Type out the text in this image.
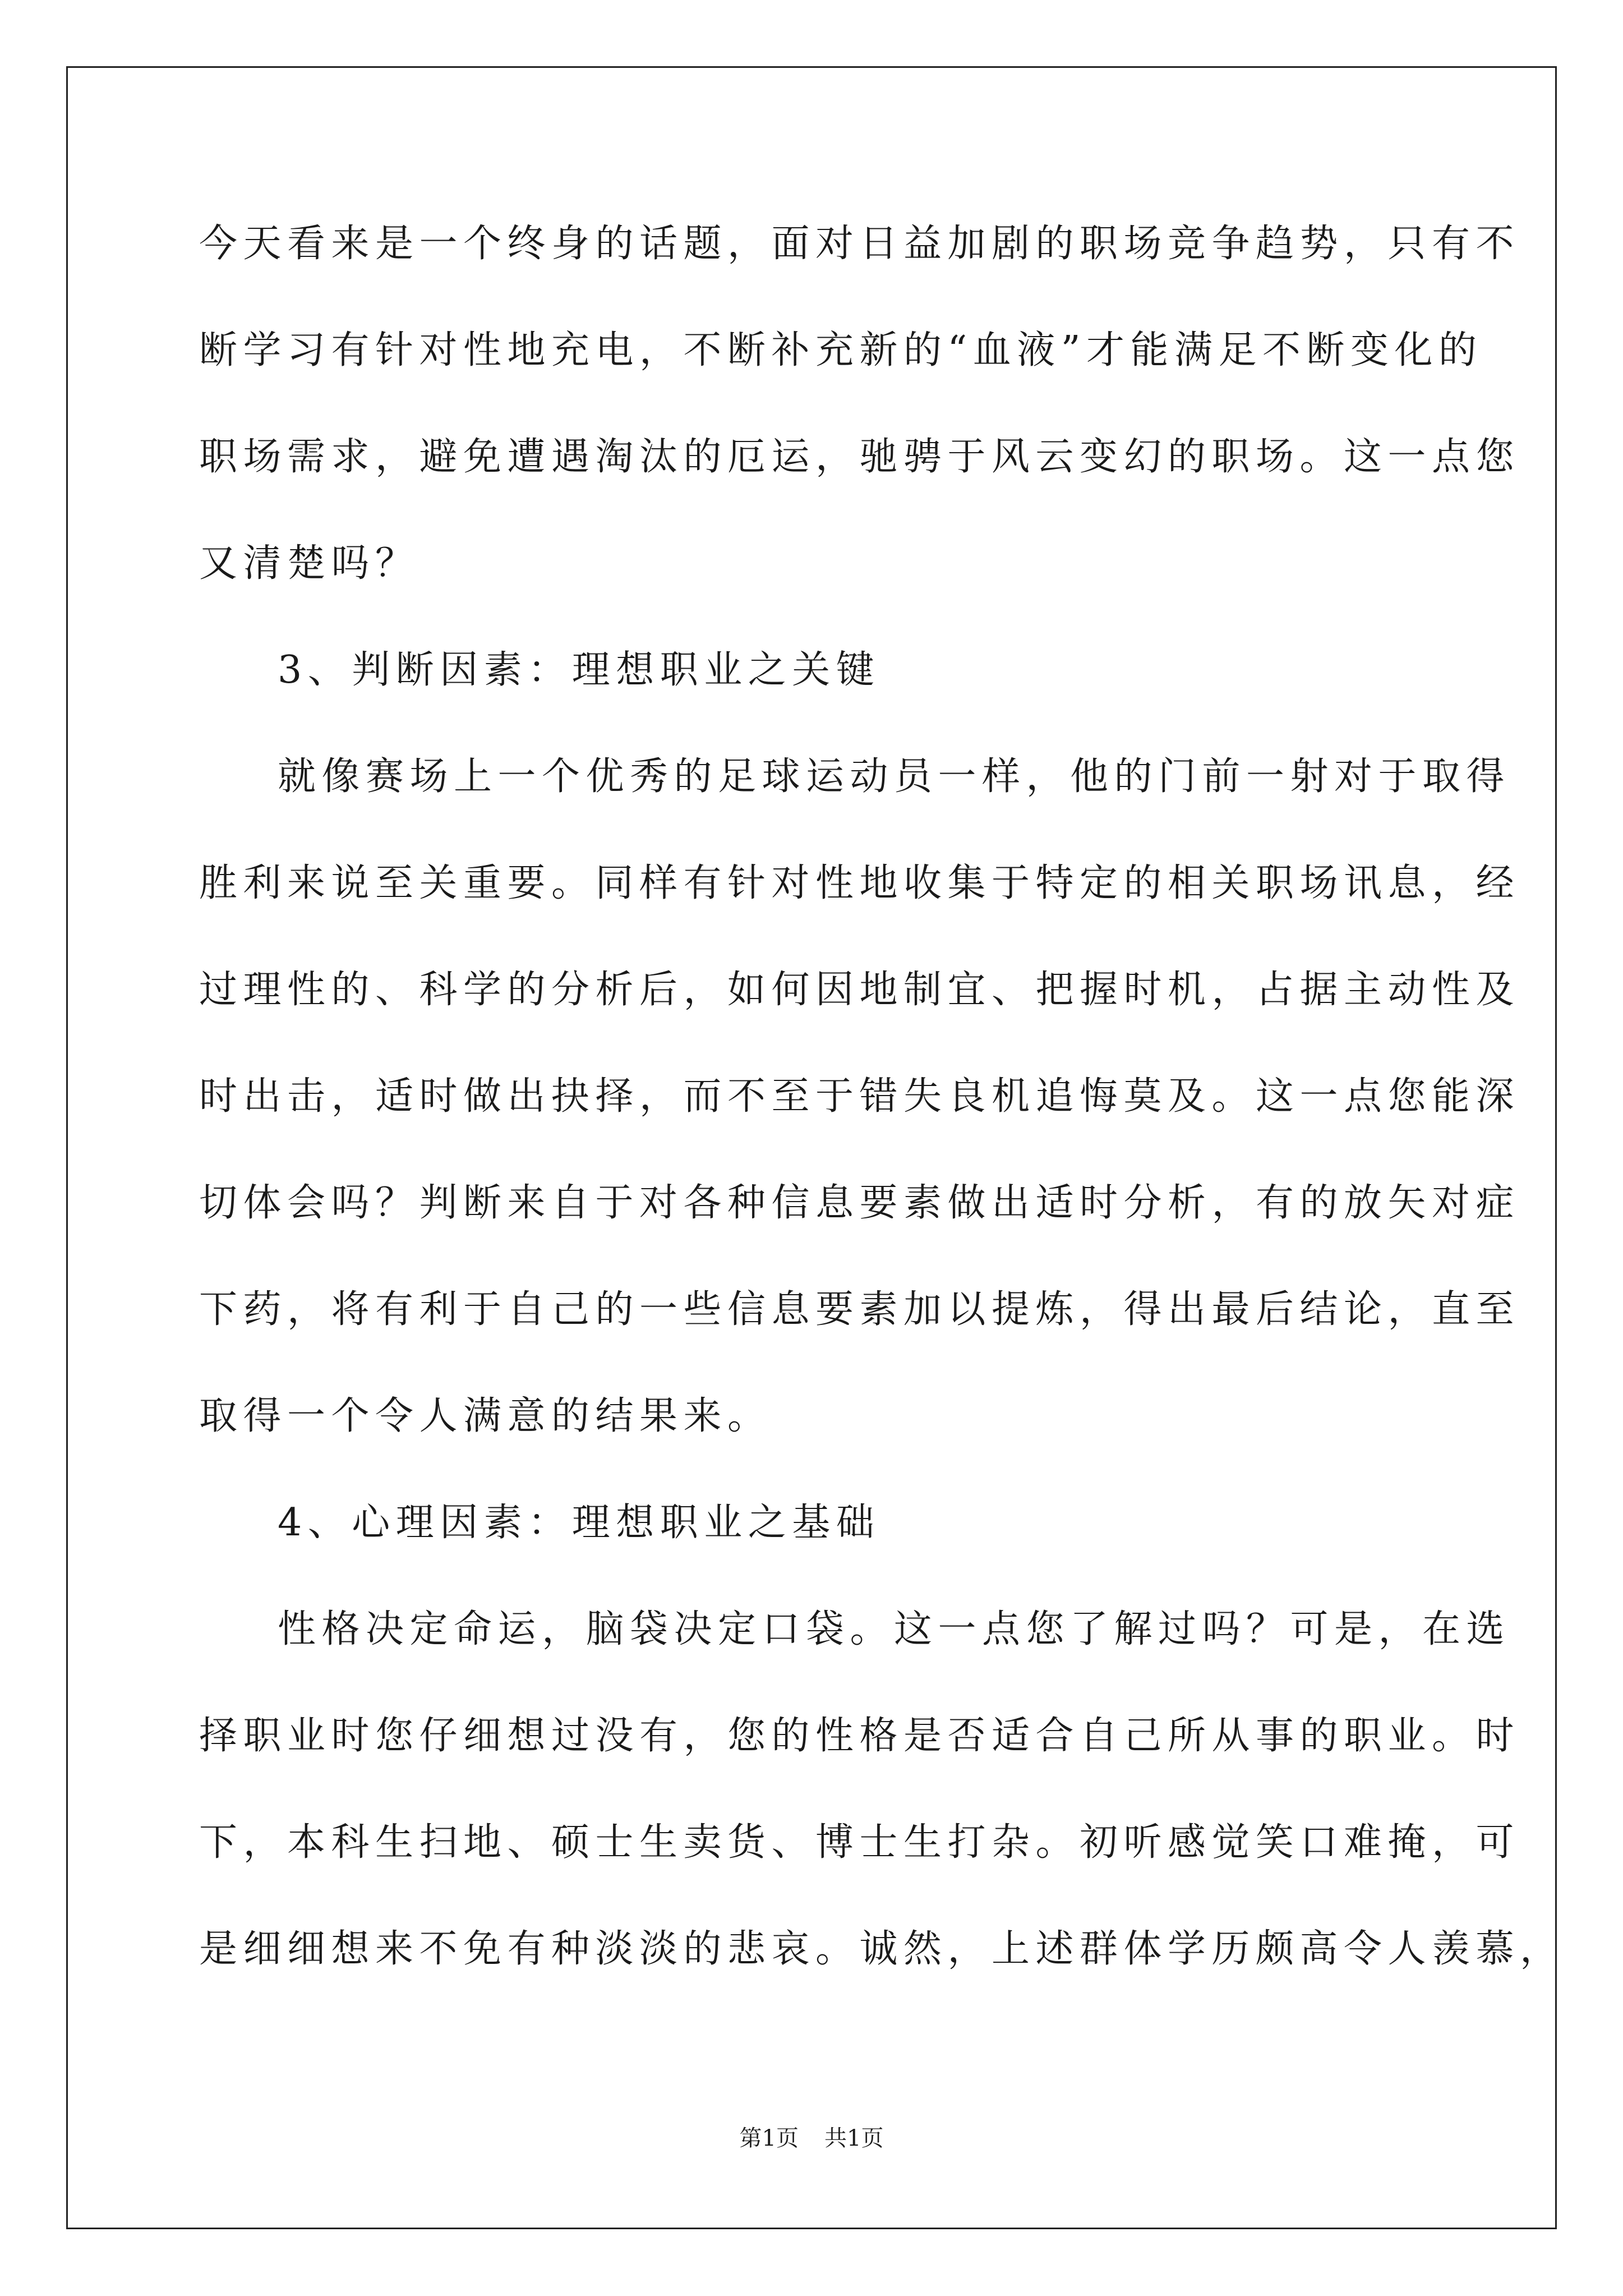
今天看来是一个终身的话题，面对日益加剧的职场竞争趋势，只有不
断学习有针对性地充电，不断补充新的“血液”才能满足不断变化的
职场需求，避免遭遇淘汰的厄运，驰骋于风云变幻的职场。这一点您
又清楚吗？
3、判断因素：理想职业之关键
就像赛场上一个优秀的足球运动员一样，他的门前一射对于取得
胜利来说至关重要。同样有针对性地收集于特定的相关职场讯息，经
过理性的、科学的分析后，如何因地制宜、把握时机，占据主动性及
时出击，适时做出抉择，而不至于错失良机追悔莫及。这一点您能深
切体会吗？判断来自于对各种信息要素做出适时分析，有的放矢对症
下药，将有利于自己的一些信息要素加以提炼，得出最后结论，直至
取得一个令人满意的结果来。
4、心理因素：理想职业之基础
性格决定命运，脑袋决定口袋。这一点您了解过吗？可是，在选
择职业时您仔细想过没有，您的性格是否适合自己所从事的职业。时
下，本科生扫地、硕士生卖货、博士生打杂。初听感觉笑口难掩，可
是细细想来不免有种淡淡的悲哀。诚然，上述群体学历颇高令人羡慕，
第1页 共1页
